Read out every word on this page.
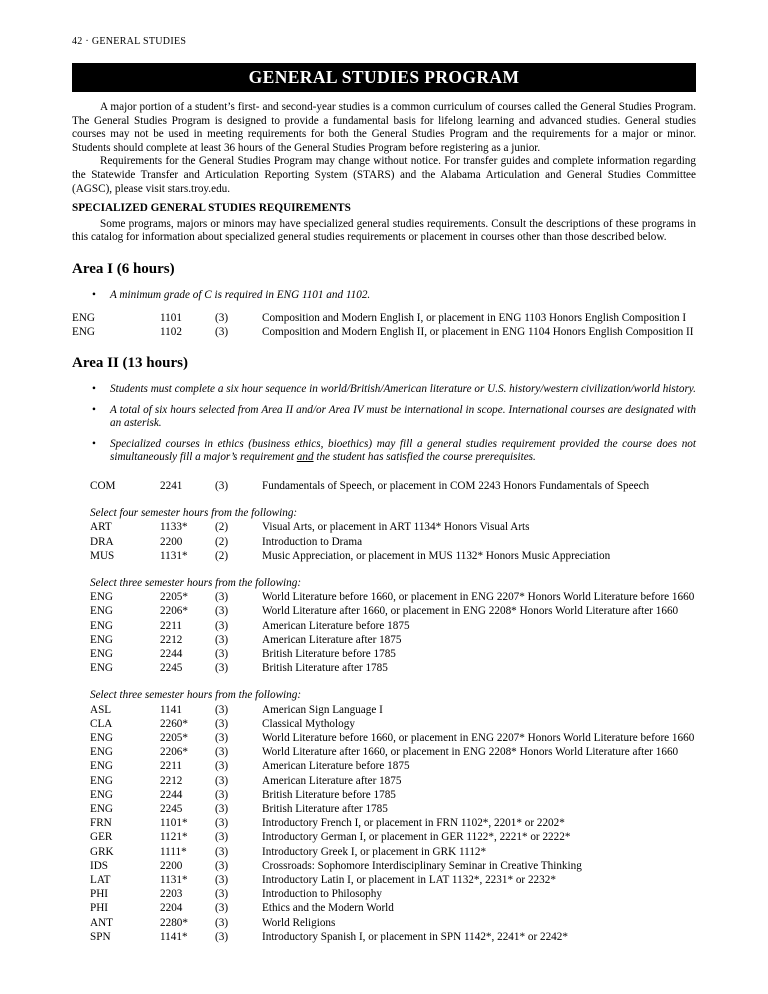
42 · GENERAL STUDIES
GENERAL STUDIES PROGRAM

A major portion of a student’s first- and second-year studies is a common curriculum of courses called the General Studies Program. The General Studies Program is designed to provide a fundamental basis for lifelong learning and advanced studies. General studies courses may not be used in meeting requirements for both the General Studies Program and the requirements for a major or minor. Students should complete at least 36 hours of the General Studies Program before registering as a junior.

Requirements for the General Studies Program may change without notice. For transfer guides and complete information regarding the Statewide Transfer and Articulation Reporting System (STARS) and the Alabama Articulation and General Studies Committee (AGSC), please visit stars.troy.edu.

SPECIALIZED GENERAL STUDIES REQUIREMENTS

Some programs, majors or minors may have specialized general studies requirements. Consult the descriptions of these programs in this catalog for information about specialized general studies requirements or placement in courses other than those described below.

Area I (6 hours)
• A minimum grade of C is required in ENG 1101 and 1102.
ENG	1101	(3)	Composition and Modern English I, or placement in ENG 1103 Honors English Composition I
ENG	1102	(3)	Composition and Modern English II, or placement in ENG 1104 Honors English Composition II
Area II (13 hours)
• Students must complete a six hour sequence in world/British/American literature or U.S. history/western civilization/world history.
• A total of six hours selected from Area II and/or Area IV must be international in scope. International courses are designated with an asterisk.
• Specialized courses in ethics (business ethics, bioethics) may fill a general studies requirement provided the course does not simultaneously fill a major’s requirement and the student has satisfied the course prerequisites.
COM	2241	(3)	Fundamentals of Speech, or placement in COM 2243 Honors Fundamentals of Speech
Select four semester hours from the following:
ART	1133*	(2)	Visual Arts, or placement in ART 1134* Honors Visual Arts
DRA	2200	(2)	Introduction to Drama
MUS	1131*	(2)	Music Appreciation, or placement in MUS 1132* Honors Music Appreciation
Select three semester hours from the following:
ENG	2205*	(3)	World Literature before 1660, or placement in ENG 2207* Honors World Literature before 1660
ENG	2206*	(3)	World Literature after 1660, or placement in ENG 2208* Honors World Literature after 1660
ENG	2211	(3)	American Literature before 1875
ENG	2212	(3)	American Literature after 1875
ENG	2244	(3)	British Literature before 1785
ENG	2245	(3)	British Literature after 1785
Select three semester hours from the following:
ASL	1141	(3)	American Sign Language I
CLA	2260*	(3)	Classical Mythology
ENG	2205*	(3)	World Literature before 1660, or placement in ENG 2207* Honors World Literature before 1660
ENG	2206*	(3)	World Literature after 1660, or placement in ENG 2208* Honors World Literature after 1660
ENG	2211	(3)	American Literature before 1875
ENG	2212	(3)	American Literature after 1875
ENG	2244	(3)	British Literature before 1785
ENG	2245	(3)	British Literature after 1785
FRN	1101*	(3)	Introductory French I, or placement in FRN 1102*, 2201* or 2202*
GER	1121*	(3)	Introductory German I, or placement in GER 1122*, 2221* or 2222*
GRK	1111*	(3)	Introductory Greek I, or placement in GRK 1112*
IDS	2200	(3)	Crossroads: Sophomore Interdisciplinary Seminar in Creative Thinking
LAT	1131*	(3)	Introductory Latin I, or placement in LAT 1132*, 2231* or 2232*
PHI	2203	(3)	Introduction to Philosophy
PHI	2204	(3)	Ethics and the Modern World
ANT	2280*	(3)	World Religions
SPN	1141*	(3)	Introductory Spanish I, or placement in SPN 1142*, 2241* or 2242*
